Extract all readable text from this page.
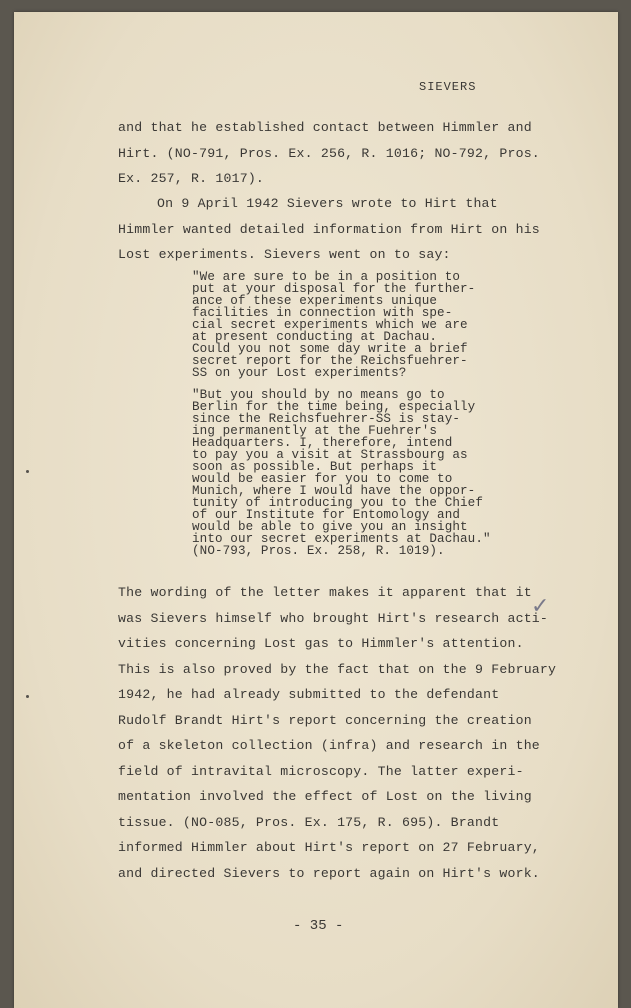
SIEVERS
and that he established contact between Himmler and
Hirt. (NO-791, Pros. Ex. 256, R. 1016; NO-792, Pros.
Ex. 257, R. 1017).
On 9 April 1942 Sievers wrote to Hirt that
Himmler wanted detailed information from Hirt on his
Lost experiments. Sievers went on to say:
"We are sure to be in a position to
put at your disposal for the further-
ance of these experiments unique
facilities in connection with spe-
cial secret experiments which we are
at present conducting at Dachau.
Could you not some day write a brief
secret report for the Reichsfuehrer-
SS on your Lost experiments?
"But you should by no means go to
Berlin for the time being, especially
since the Reichsfuehrer-SS is stay-
ing permanently at the Fuehrer's
Headquarters. I, therefore, intend
to pay you a visit at Strassbourg as
soon as possible. But perhaps it
would be easier for you to come to
Munich, where I would have the oppor-
tunity of introducing you to the Chief
of our Institute for Entomology and
would be able to give you an insight
into our secret experiments at Dachau."
(NO-793, Pros. Ex. 258, R. 1019).
The wording of the letter makes it apparent that it
was Sievers himself who brought Hirt's research acti-
vities concerning Lost gas to Himmler's attention.
This is also proved by the fact that on the 9 February
1942, he had already submitted to the defendant
Rudolf Brandt Hirt's report concerning the creation
of a skeleton collection (infra) and research in the
field of intravital microscopy. The latter experi-
mentation involved the effect of Lost on the living
tissue. (NO-085, Pros. Ex. 175, R. 695). Brandt
informed Himmler about Hirt's report on 27 February,
and directed Sievers to report again on Hirt's work.
✓
- 35 -
